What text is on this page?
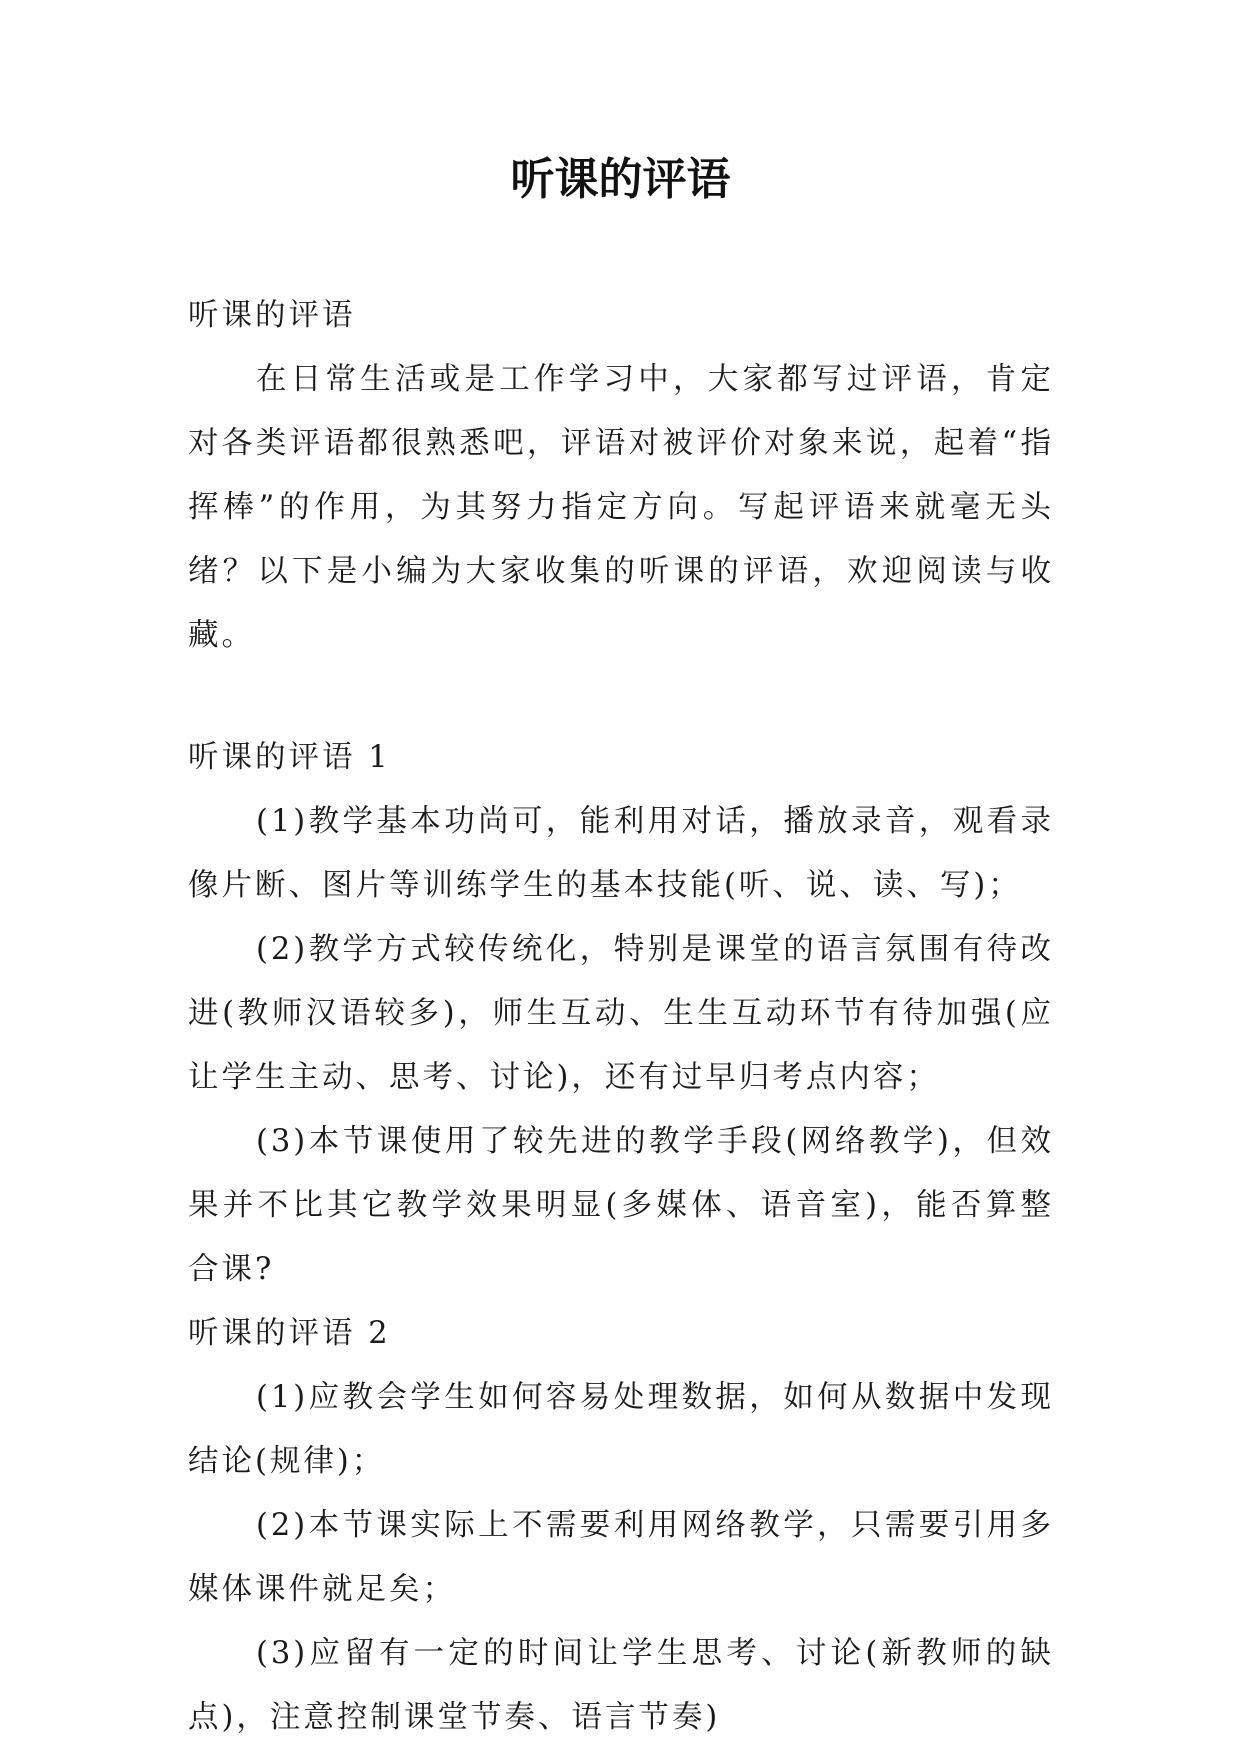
听课的评语

听课的评语

在日常生活或是工作学习中，大家都写过评语，肯定对各类评语都很熟悉吧，评语对被评价对象来说，起着“指挥棒”的作用，为其努力指定方向。写起评语来就毫无头绪？以下是小编为大家收集的听课的评语，欢迎阅读与收藏。

听课的评语 1

(1)教学基本功尚可，能利用对话，播放录音，观看录像片断、图片等训练学生的基本技能(听、说、读、写)；

(2)教学方式较传统化，特别是课堂的语言氛围有待改进(教师汉语较多)，师生互动、生生互动环节有待加强(应让学生主动、思考、讨论)，还有过早归考点内容；

(3)本节课使用了较先进的教学手段(网络教学)，但效果并不比其它教学效果明显(多媒体、语音室)，能否算整合课?

听课的评语 2

(1)应教会学生如何容易处理数据，如何从数据中发现结论(规律)；

(2)本节课实际上不需要利用网络教学，只需要引用多媒体课件就足矣；

(3)应留有一定的时间让学生思考、讨论(新教师的缺点)，注意控制课堂节奏、语言节奏)
